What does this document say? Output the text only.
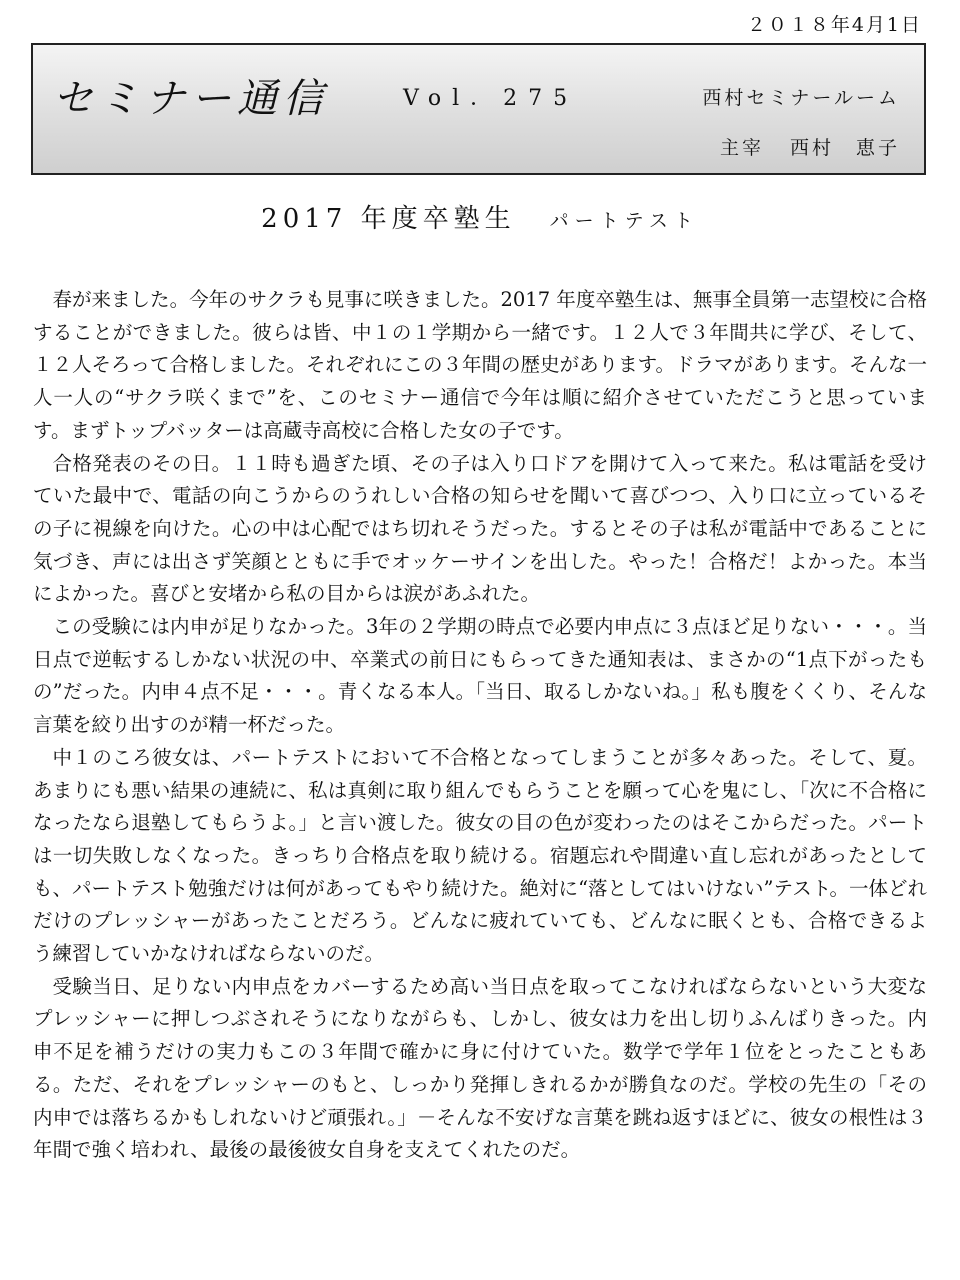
２０１８年4月1日
セミナー通信	Vol．275	西村セミナールーム
主宰 西村　恵子
2017 年度卒塾生 パートテスト

春が来ました。今年のサクラも見事に咲きました。2017 年度卒塾生は、無事全員第一志望校に合格することができました。彼らは皆、中１の１学期から一緒です。１２人で３年間共に学び、そして、１２人そろって合格しました。それぞれにこの３年間の歴史があります。ドラマがあります。そんな一人一人の“サクラ咲くまで”を、このセミナー通信で今年は順に紹介させていただこうと思っています。まずトップバッターは高蔵寺高校に合格した女の子です。

合格発表のその日。１１時も過ぎた頃、その子は入り口ドアを開けて入って来た。私は電話を受けていた最中で、電話の向こうからのうれしい合格の知らせを聞いて喜びつつ、入り口に立っているその子に視線を向けた。心の中は心配ではち切れそうだった。するとその子は私が電話中であることに気づき、声には出さず笑顔とともに手でオッケーサインを出した。やった！合格だ！よかった。本当によかった。喜びと安堵から私の目からは涙があふれた。

この受験には内申が足りなかった。3年の２学期の時点で必要内申点に３点ほど足りない・・・。当日点で逆転するしかない状況の中、卒業式の前日にもらってきた通知表は、まさかの“1点下がったもの”だった。内申４点不足・・・。青くなる本人。「当日、取るしかないね。」私も腹をくくり、そんな言葉を絞り出すのが精一杯だった。

中１のころ彼女は、パートテストにおいて不合格となってしまうことが多々あった。そして、夏。あまりにも悪い結果の連続に、私は真剣に取り組んでもらうことを願って心を鬼にし、「次に不合格になったなら退塾してもらうよ。」と言い渡した。彼女の目の色が変わったのはそこからだった。パートは一切失敗しなくなった。きっちり合格点を取り続ける。宿題忘れや間違い直し忘れがあったとしても、パートテスト勉強だけは何があってもやり続けた。絶対に“落としてはいけない”テスト。一体どれだけのプレッシャーがあったことだろう。どんなに疲れていても、どんなに眠くとも、合格できるよう練習していかなければならないのだ。

受験当日、足りない内申点をカバーするため高い当日点を取ってこなければならないという大変なプレッシャーに押しつぶされそうになりながらも、しかし、彼女は力を出し切りふんばりきった。内申不足を補うだけの実力もこの３年間で確かに身に付けていた。数学で学年１位をとったこともある。ただ、それをプレッシャーのもと、しっかり発揮しきれるかが勝負なのだ。学校の先生の「その内申では落ちるかもしれないけど頑張れ。」－そんな不安げな言葉を跳ね返すほどに、彼女の根性は３年間で強く培われ、最後の最後彼女自身を支えてくれたのだ。
